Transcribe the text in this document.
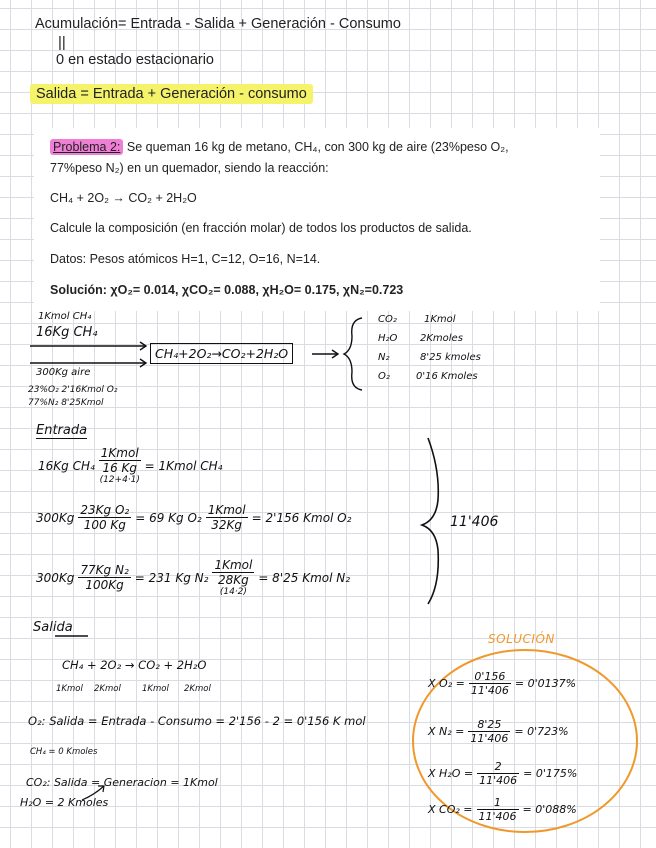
Acumulación= Entrada - Salida + Generación - Consumo
||
0 en estado estacionario
Salida = Entrada + Generación - consumo
Problema 2: Se queman 16 kg de metano, CH₄, con 300 kg de aire (23%peso O₂,
77%peso N₂) en un quemador, siendo la reacción:
CH₄ + 2O₂ → CO₂ + 2H₂O
Calcule la composición (en fracción molar) de todos los productos de salida.
Datos: Pesos atómicos H=1, C=12, O=16, N=14.
Solución: χO₂= 0.014, χCO₂= 0.088, χH₂O= 0.175, χN₂=0.723
1Kmol CH₄
16Kg CH₄
300Kg aire
23%O₂ 2'16Kmol O₂
77%N₂ 8'25Kmol
CH₄+2O₂→CO₂+2H₂O
CO₂	1Kmol
H₂O 2Kmoles
N₂	8'25 kmoles
O₂	0'16 Kmoles
Entrada
16Kg CH₄
1Kmol
16 Kg
(12+4·1)
= 1Kmol CH₄
$300Kg \frac{\text{23Kg O₂}}{100 Kg} = 69$ Kg $O_2 \frac{\text{1Kmol}}{32Kg} = 2'156$ Kmol O₂
$300Kg \frac{\text{77Kg N₂}}{100Kg} = 231$ Kg N₂
1Kmol
28Kg
(14·2)
= 8'25 Kmol N₂
11'406
Salida
CH₄ + 2O₂ → CO₂ + 2H₂O
1Kmol 2Kmol 1Kmol 2Kmol
O₂: Salida = Entrada - Consumo = 2'156 - 2 = 0'156 K mol
CH₄ = 0 Kmoles
CO₂: Salida = Generacion = 1Kmol
H₂O = 2 Kmoles
SOLUCIÓN
X $O_2 = \frac{0'156}{11'406} = 0'0137\%$
X $N_2 = \frac{8'25}{11'406} = 0'723\%$
X $H_2O = \frac{2}{11'406} = 0'175\%$
X $CO_2 = \frac{1}{11'406} = 0'088\%$
